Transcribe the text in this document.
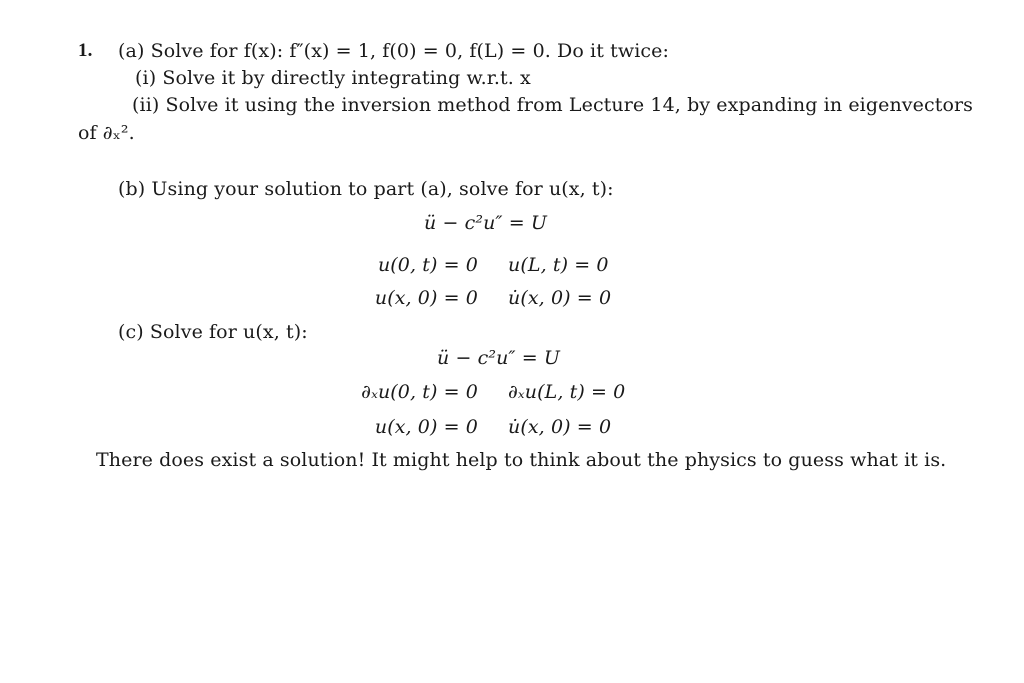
1. (a) Solve for f(x): f″(x) = 1, f(0) = 0, f(L) = 0. Do it twice:
(i) Solve it by directly integrating w.r.t. x
(ii) Solve it using the inversion method from Lecture 14, by expanding in eigenvectors
of ∂ₓ².
(b) Using your solution to part (a), solve for u(x, t):
ü − c²u″ = U
u(0, t) = 0 u(L, t) = 0
u(x, 0) = 0 u̇(x, 0) = 0
(c) Solve for u(x, t):
ü − c²u″ = U
∂ₓu(0, t) = 0 ∂ₓu(L, t) = 0
u(x, 0) = 0 u̇(x, 0) = 0
There does exist a solution! It might help to think about the physics to guess what it is.
